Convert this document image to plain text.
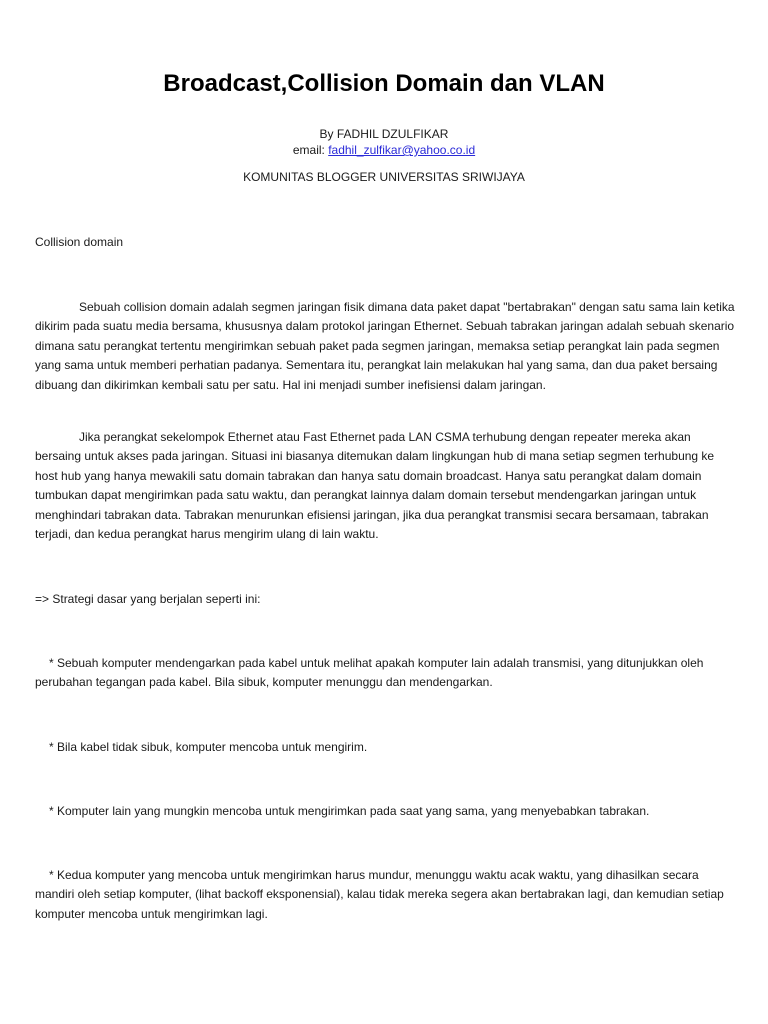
Broadcast,Collision Domain dan VLAN
By FADHIL DZULFIKAR
email: fadhil_zulfikar@yahoo.co.id
KOMUNITAS BLOGGER UNIVERSITAS SRIWIJAYA

Collision domain

Sebuah collision domain adalah segmen jaringan fisik dimana data paket dapat "bertabrakan" dengan satu sama lain ketika dikirim pada suatu media bersama, khususnya dalam protokol jaringan Ethernet. Sebuah tabrakan jaringan adalah sebuah skenario dimana satu perangkat tertentu mengirimkan sebuah paket pada segmen jaringan, memaksa setiap perangkat lain pada segmen yang sama untuk memberi perhatian padanya. Sementara itu, perangkat lain melakukan hal yang sama, dan dua paket bersaing dibuang dan dikirimkan kembali satu per satu. Hal ini menjadi sumber inefisiensi dalam jaringan.

Jika perangkat sekelompok Ethernet atau Fast Ethernet pada LAN CSMA terhubung dengan repeater mereka akan bersaing untuk akses pada jaringan. Situasi ini biasanya ditemukan dalam lingkungan hub di mana setiap segmen terhubung ke host hub yang hanya mewakili satu domain tabrakan dan hanya satu domain broadcast. Hanya satu perangkat dalam domain tumbukan dapat mengirimkan pada satu waktu, dan perangkat lainnya dalam domain tersebut mendengarkan jaringan untuk menghindari tabrakan data. Tabrakan menurunkan efisiensi jaringan, jika dua perangkat transmisi secara bersamaan, tabrakan terjadi, dan kedua perangkat harus mengirim ulang di lain waktu.

=> Strategi dasar yang berjalan seperti ini:

* Sebuah komputer mendengarkan pada kabel untuk melihat apakah komputer lain adalah transmisi, yang ditunjukkan oleh perubahan tegangan pada kabel. Bila sibuk, komputer menunggu dan mendengarkan.

* Bila kabel tidak sibuk, komputer mencoba untuk mengirim.

* Komputer lain yang mungkin mencoba untuk mengirimkan pada saat yang sama, yang menyebabkan tabrakan.

* Kedua komputer yang mencoba untuk mengirimkan harus mundur, menunggu waktu acak waktu, yang dihasilkan secara mandiri oleh setiap komputer, (lihat backoff eksponensial), kalau tidak mereka segera akan bertabrakan lagi, dan kemudian setiap komputer mencoba untuk mengirimkan lagi.
